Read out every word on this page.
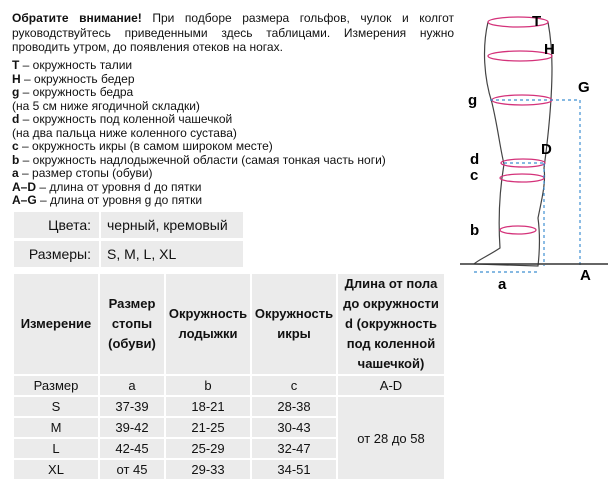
Обратите внимание! При подборе размера гольфов, чулок и колгот руководствуйтесь приведенными здесь таблицами. Измерения нужно проводить утром, до появления отеков на ногах.
T – окружность талии
H – окружность бедер
g – окружность бедра
(на 5 см ниже ягодичной складки)
d – окружность под коленной чашечкой
(на два пальца ниже коленного сустава)
c – окружность икры (в самом широком месте)
b – окружность надлодыжечной области (самая тонкая часть ноги)
a – размер стопы (обуви)
A–D – длина от уровня d до пятки
A–G – длина от уровня g до пятки
Цвета:	черный, кремовый
Размеры:	S, M, L, XL
Измерение	Размер стопы (обуви)	Окружность лодыжки	Окружность икры	Длина от пола до окружности d (окружность под коленной чашечкой)
Размер	a	b	c	A-D
S	37-39	18-21	28-38	от 28 до 58
M	39-42	21-25	30-43	
L	42-45	25-29	32-47	
XL	от 45	29-33	34-51	
T
H
G
g
D
d
c
b
a
A
